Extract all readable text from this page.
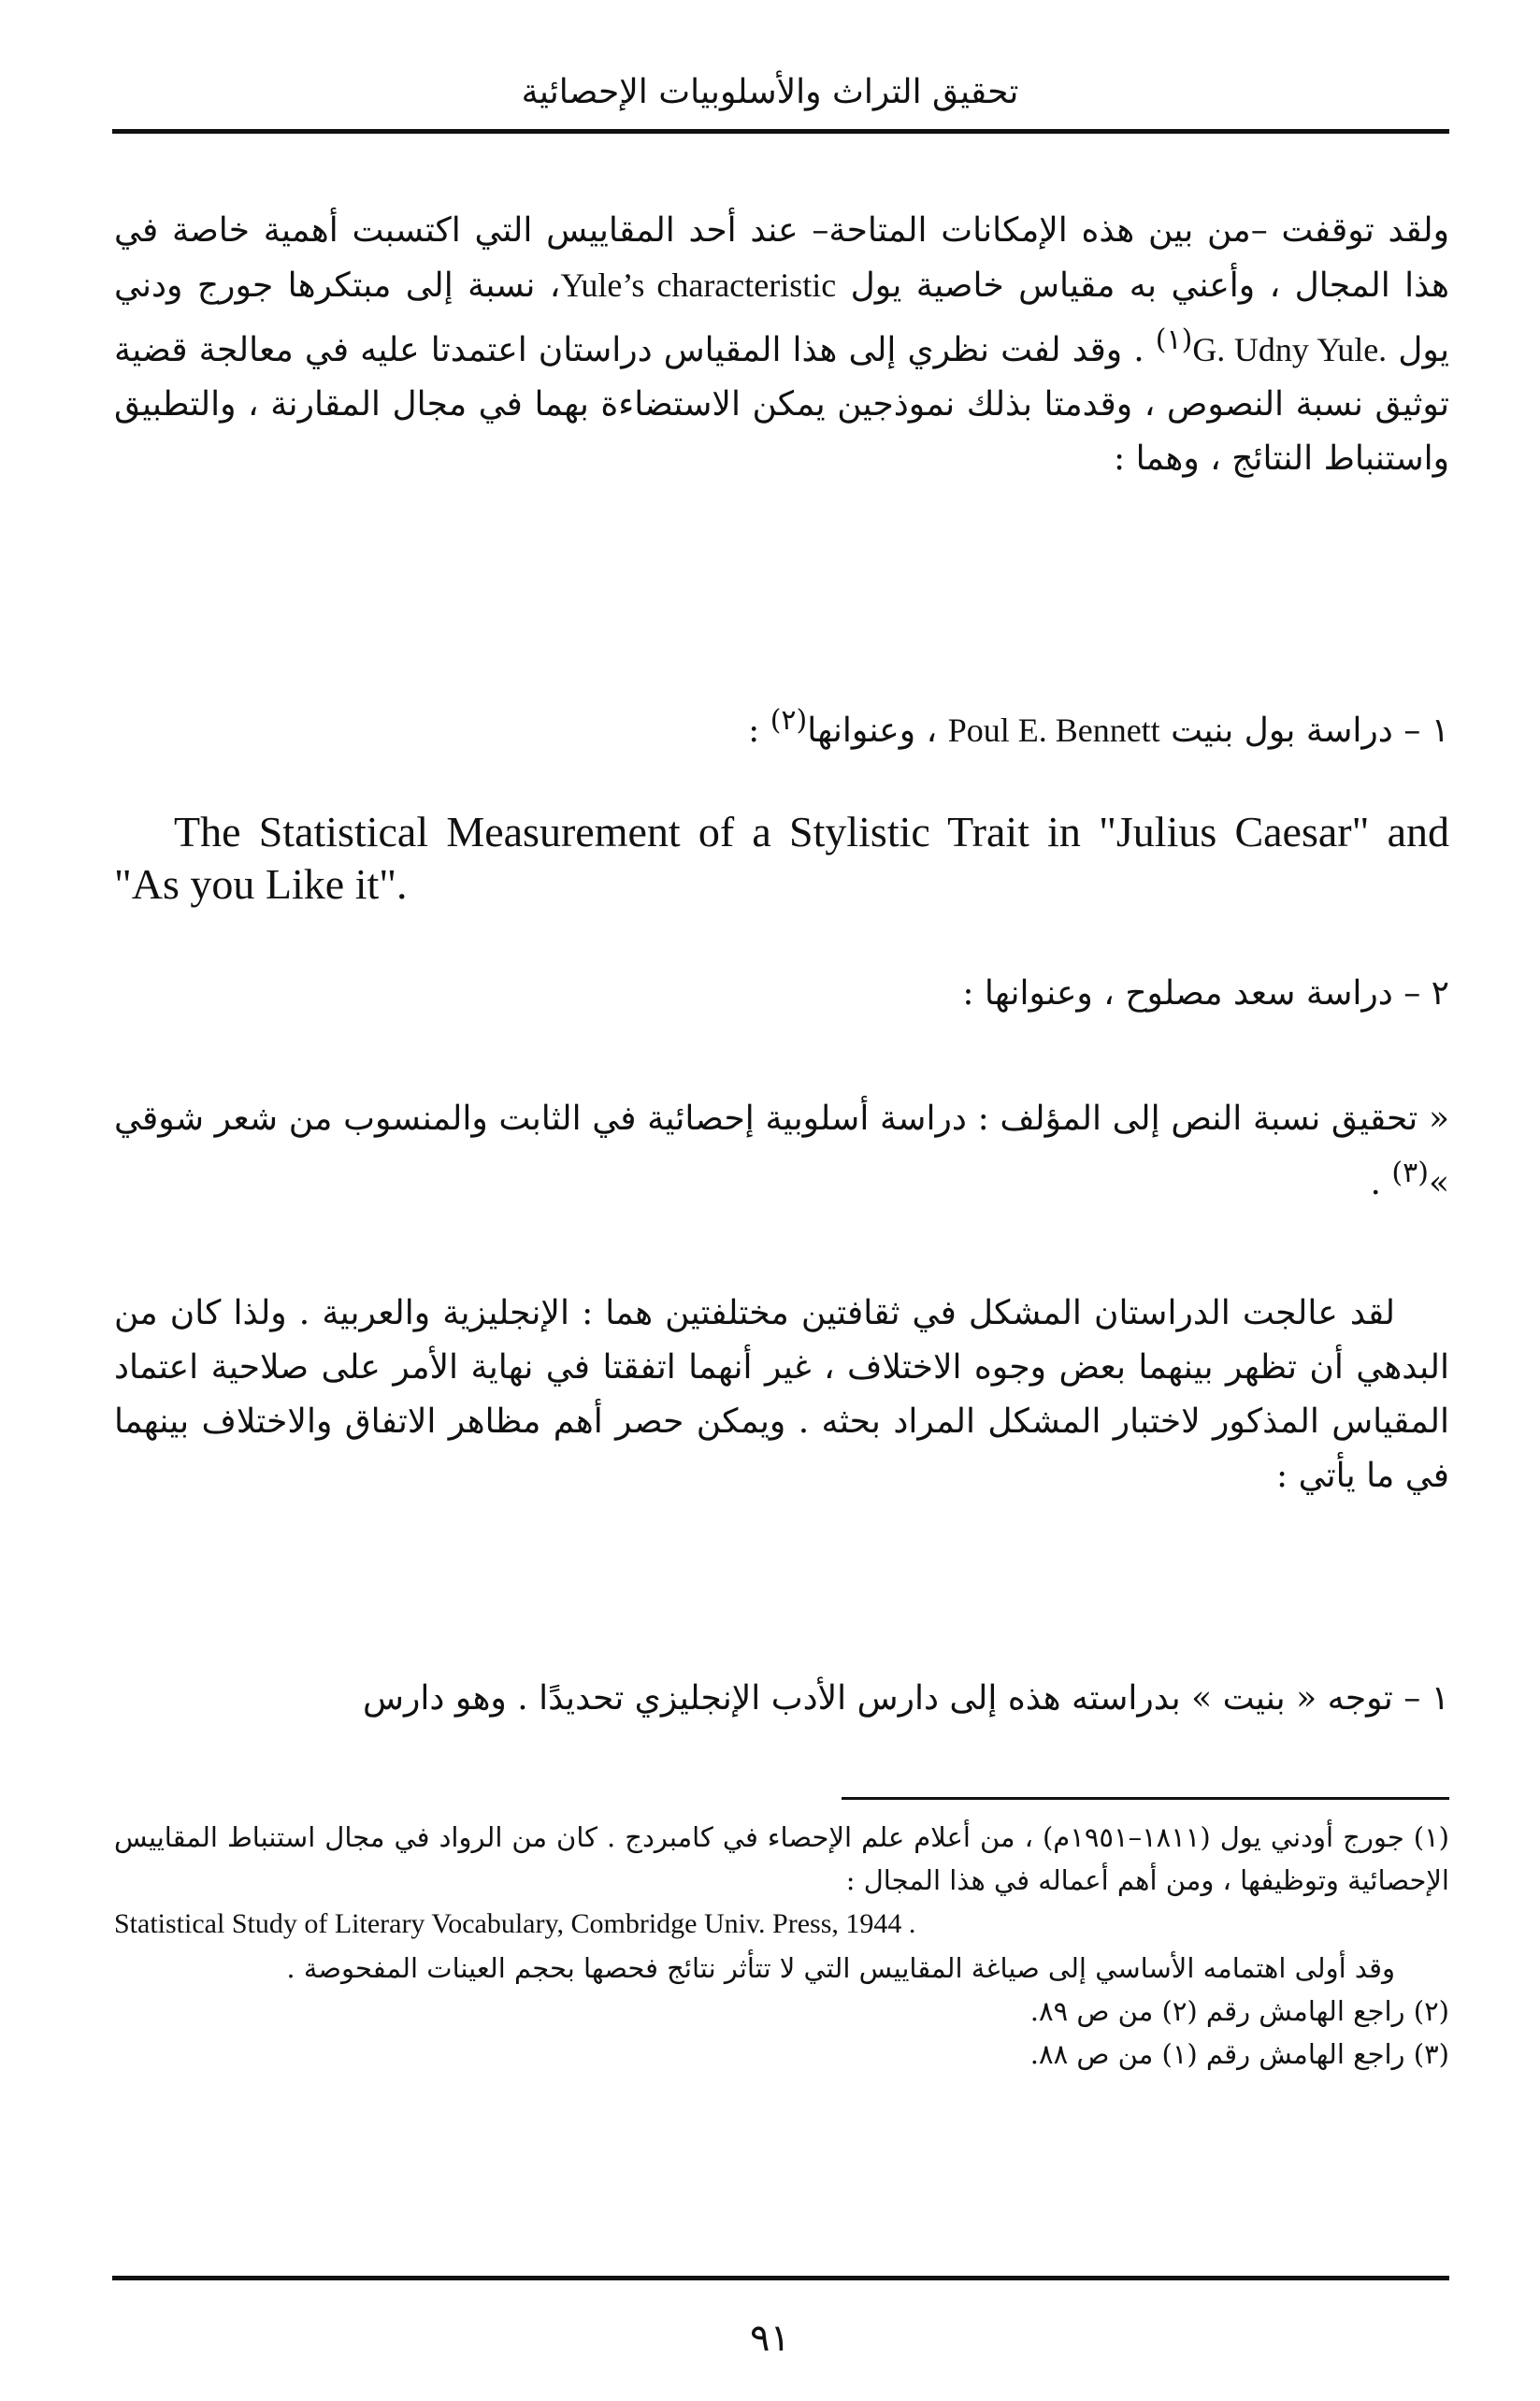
تحقيق التراث والأسلوبيات الإحصائية

ولقد توقفت –من بين هذه الإمكانات المتاحة– عند أحد المقاييس التي اكتسبت أهمية خاصة في هذا المجال ، وأعني به مقياس خاصية يول Yule’s characteristic، نسبة إلى مبتكرها جورج ودني يول G. Udny Yule.$^{(١)}$ . وقد لفت نظري إلى هذا المقياس دراستان اعتمدتا عليه في معالجة قضية توثيق نسبة النصوص ، وقدمتا بذلك نموذجين يمكن الاستضاءة بهما في مجال المقارنة ، والتطبيق واستنباط النتائج ، وهما :

١ – دراسة بول بنيت Poul E. Bennett ، وعنوانها$^{(٢)}$ :

The Statistical Measurement of a Stylistic Trait in "Julius Caesar" and "As you Like it".

٢ – دراسة سعد مصلوح ، وعنوانها :

« تحقيق نسبة النص إلى المؤلف : دراسة أسلوبية إحصائية في الثابت والمنسوب من شعر شوقي »$^{(٣)}$ .

لقد عالجت الدراستان المشكل في ثقافتين مختلفتين هما : الإنجليزية والعربية . ولذا كان من البدهي أن تظهر بينهما بعض وجوه الاختلاف ، غير أنهما اتفقتا في نهاية الأمر على صلاحية اعتماد المقياس المذكور لاختبار المشكل المراد بحثه . ويمكن حصر أهم مظاهر الاتفاق والاختلاف بينهما في ما يأتي :

١ – توجه « بنيت » بدراسته هذه إلى دارس الأدب الإنجليزي تحديدًا . وهو دارس

(١) جورج أودني يول (١٨١١–١٩٥١م) ، من أعلام علم الإحصاء في كامبردج . كان من الرواد في مجال استنباط المقاييس الإحصائية وتوظيفها ، ومن أهم أعماله في هذا المجال :
Statistical Study of Literary Vocabulary, Combridge Univ. Press, 1944 .
وقد أولى اهتمامه الأساسي إلى صياغة المقاييس التي لا تتأثر نتائج فحصها بحجم العينات المفحوصة .
(٢) راجع الهامش رقم (٢) من ص ٨٩.
(٣) راجع الهامش رقم (١) من ص ٨٨.
٩١
